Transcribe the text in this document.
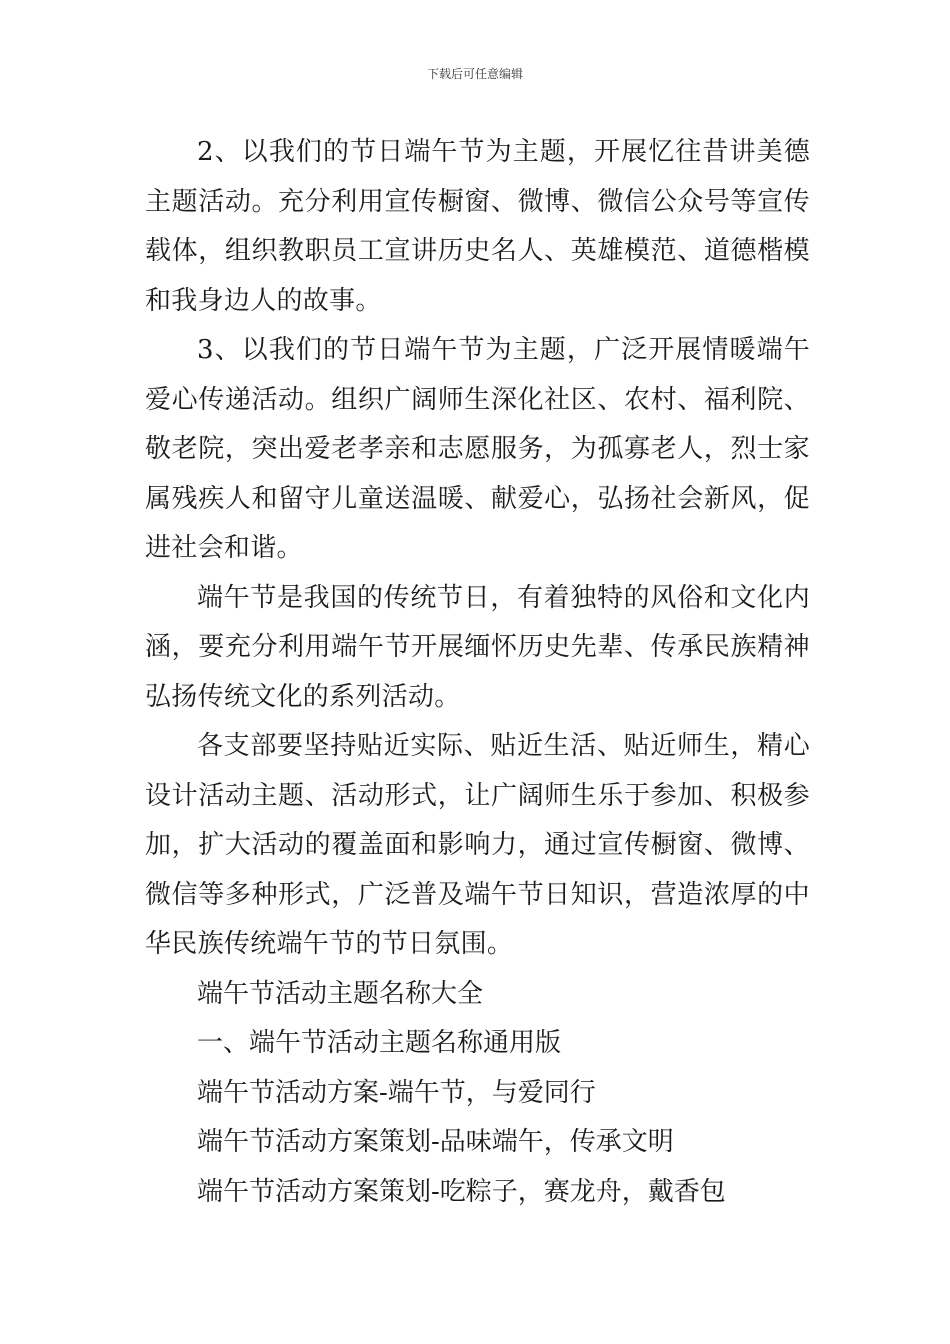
下载后可任意编辑

2、以我们的节日端午节为主题，开展忆往昔讲美德主题活动。充分利用宣传橱窗、微博、微信公众号等宣传载体，组织教职员工宣讲历史名人、英雄模范、道德楷模和我身边人的故事。

3、以我们的节日端午节为主题，广泛开展情暖端午爱心传递活动。组织广阔师生深化社区、农村、福利院、敬老院，突出爱老孝亲和志愿服务，为孤寡老人，烈士家属残疾人和留守儿童送温暖、献爱心，弘扬社会新风，促进社会和谐。

端午节是我国的传统节日，有着独特的风俗和文化内涵，要充分利用端午节开展缅怀历史先辈、传承民族精神弘扬传统文化的系列活动。

各支部要坚持贴近实际、贴近生活、贴近师生，精心设计活动主题、活动形式，让广阔师生乐于参加、积极参加，扩大活动的覆盖面和影响力，通过宣传橱窗、微博、微信等多种形式，广泛普及端午节日知识，营造浓厚的中华民族传统端午节的节日氛围。

端午节活动主题名称大全

一、端午节活动主题名称通用版

端午节活动方案-端午节，与爱同行

端午节活动方案策划-品味端午，传承文明

端午节活动方案策划-吃粽子，赛龙舟，戴香包
